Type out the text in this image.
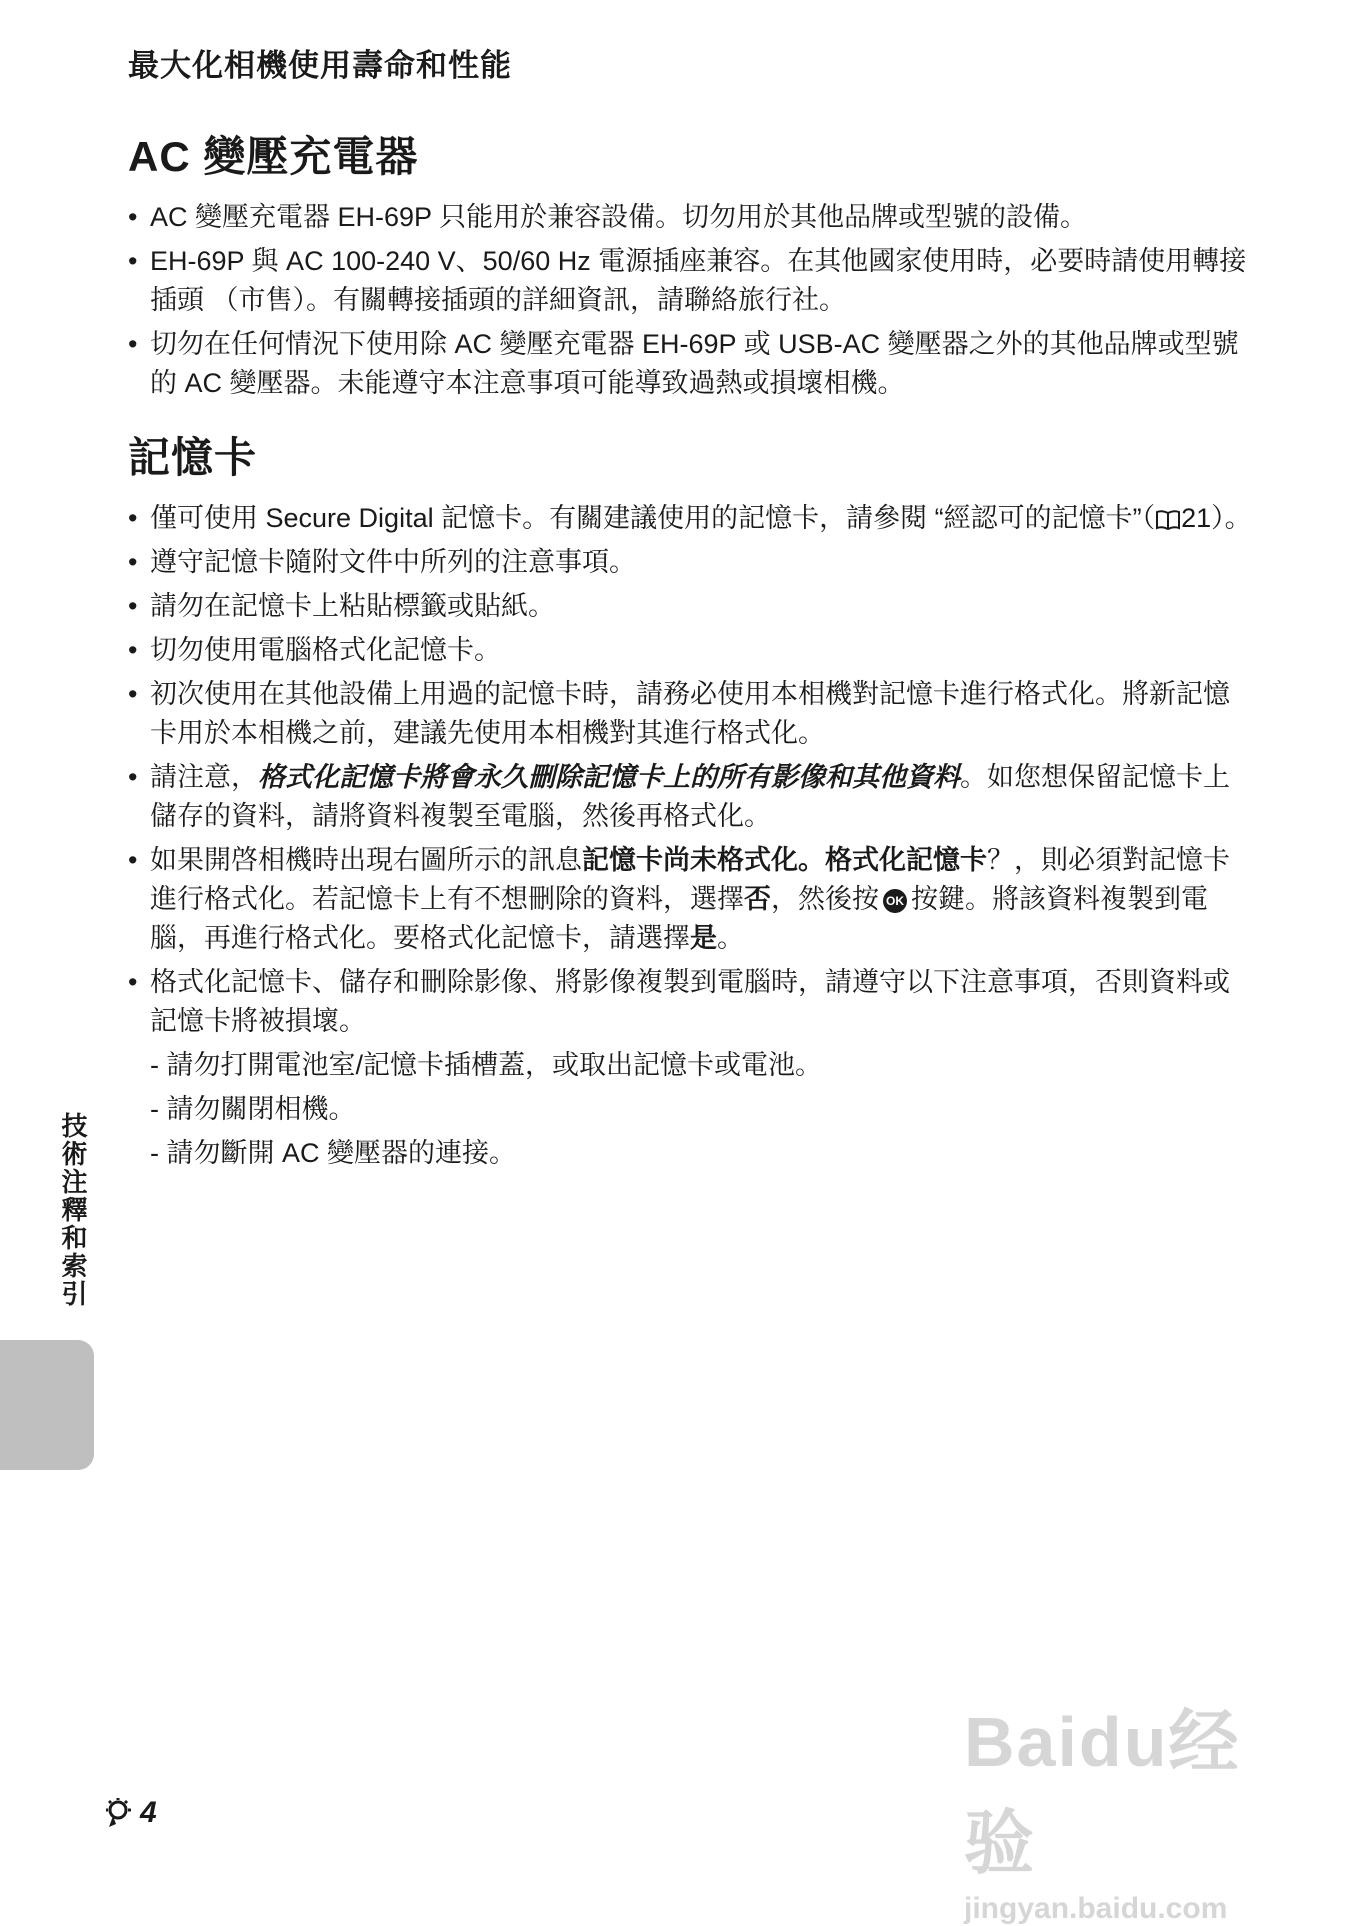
最大化相機使用壽命和性能
AC 變壓充電器
• AC 變壓充電器 EH-69P 只能用於兼容設備。切勿用於其他品牌或型號的設備。
• EH-69P 與 AC 100-240 V、50/60 Hz 電源插座兼容。在其他國家使用時，必要時請使用轉接插頭 （市售）。有關轉接插頭的詳細資訊，請聯絡旅行社。
• 切勿在任何情況下使用除 AC 變壓充電器 EH-69P 或 USB-AC 變壓器之外的其他品牌或型號的 AC 變壓器。未能遵守本注意事項可能導致過熱或損壞相機。
記憶卡
• 僅可使用 Secure Digital 記憶卡。有關建議使用的記憶卡，請參閱 “經認可的記憶卡”（ 21）。
• 遵守記憶卡隨附文件中所列的注意事項。
• 請勿在記憶卡上粘貼標籤或貼紙。
• 切勿使用電腦格式化記憶卡。
• 初次使用在其他設備上用過的記憶卡時，請務必使用本相機對記憶卡進行格式化。將新記憶卡用於本相機之前，建議先使用本相機對其進行格式化。
• 請注意，格式化記憶卡將會永久刪除記憶卡上的所有影像和其他資料。如您想保留記憶卡上儲存的資料，請將資料複製至電腦，然後再格式化。
• 如果開啓相機時出現右圖所示的訊息記憶卡尚未格式化。格式化記憶卡？，則必須對記憶卡進行格式化。若記憶卡上有不想刪除的資料，選擇否，然後按 OK 按鍵。將該資料複製到電腦，再進行格式化。要格式化記憶卡，請選擇是。
• 格式化記憶卡、儲存和刪除影像、將影像複製到電腦時，請遵守以下注意事項，否則資料或記憶卡將被損壞。
- 請勿打開電池室/記憶卡插槽蓋，或取出記憶卡或電池。
- 請勿關閉相機。
- 請勿斷開 AC 變壓器的連接。
技術注釋和索引
4
Baidu经验
jingyan.baidu.com
